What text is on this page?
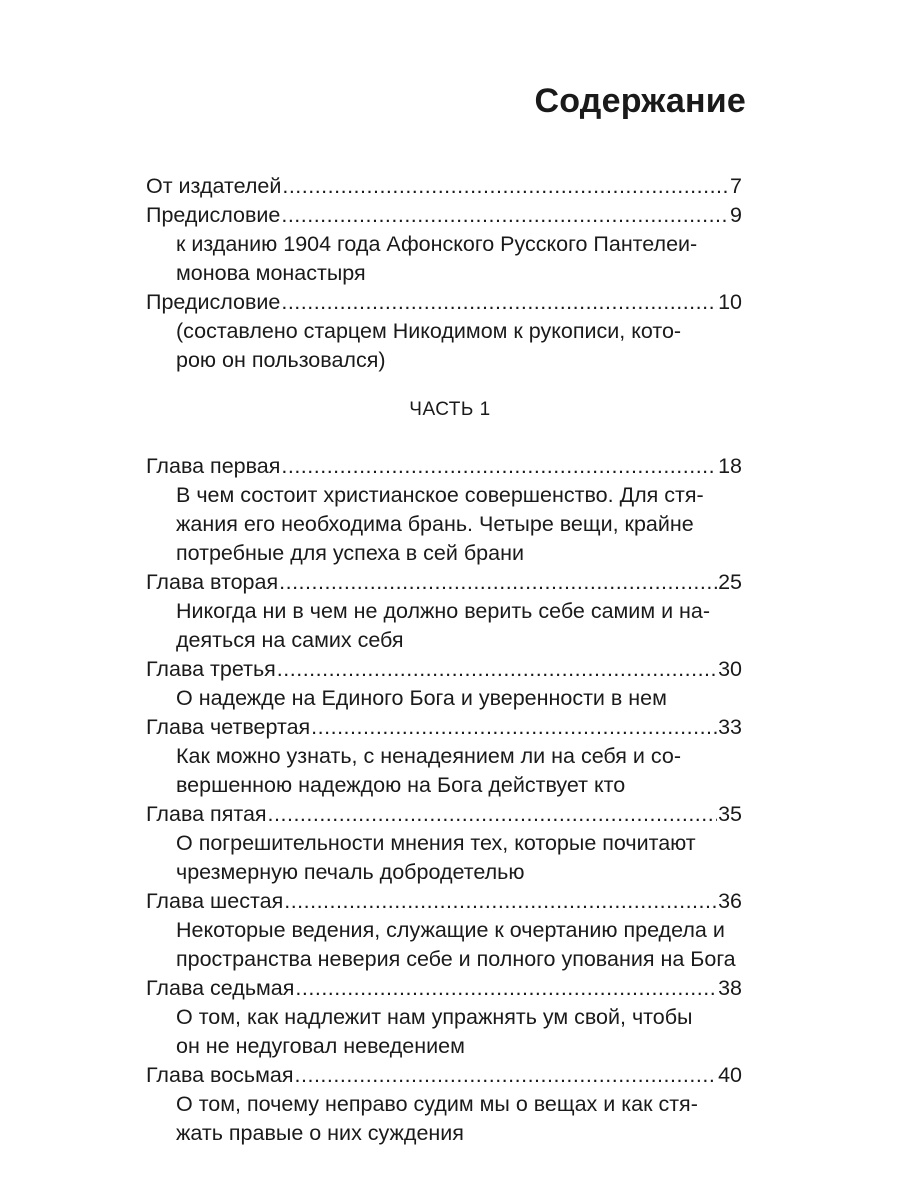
Содержание
От издателей .....	7
Предисловие .....	9
к изданию 1904 года Афонского Русского Пантелеи-
монова монастыря
Предисловие .....	10
(составлено старцем Никодимом к рукописи, кото-
рою он пользовался)
ЧАСТЬ 1
Глава первая .....	18
В чем состоит христианское совершенство. Для стя-
жания его необходима брань. Четыре вещи, крайне
потребные для успеха в сей брани
Глава вторая .....	25
Никогда ни в чем не должно верить себе самим и на-
деяться на самих себя
Глава третья .....	30
О надежде на Единого Бога и уверенности в нем
Глава четвертая .....	33
Как можно узнать, с ненадеянием ли на себя и со-
вершенною надеждою на Бога действует кто
Глава пятая .....	35
О погрешительности мнения тех, которые почитают
чрезмерную печаль добродетелью
Глава шестая .....	36
Некоторые ведения, служащие к очертанию предела и
пространства неверия себе и полного упования на Бога
Глава седьмая .....	38
О том, как надлежит нам упражнять ум свой, чтобы
он не недуговал неведением
Глава восьмая .....	40
О том, почему неправо судим мы о вещах и как стя-
жать правые о них суждения
